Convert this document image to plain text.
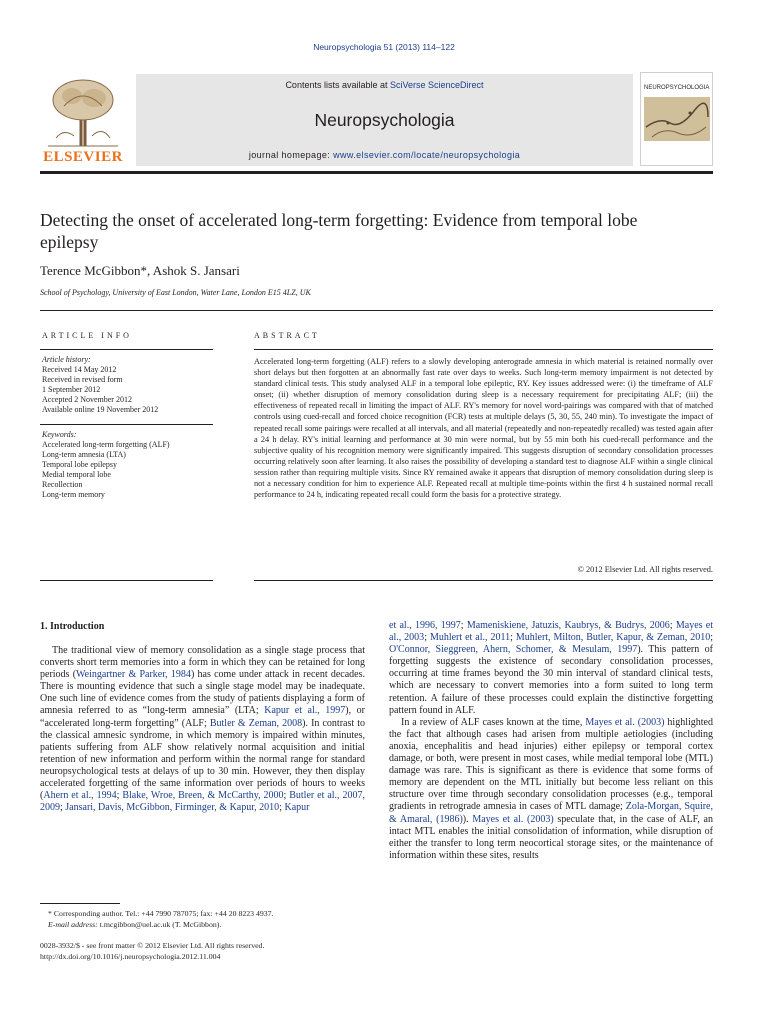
Neuropsychologia 51 (2013) 114–122
ELSEVIER
Contents lists available at SciVerse ScienceDirect
Neuropsychologia
journal homepage: www.elsevier.com/locate/neuropsychologia
NEUROPSYCHOLOGIA
Detecting the onset of accelerated long-term forgetting: Evidence from temporal lobe epilepsy
Terence McGibbon*, Ashok S. Jansari
School of Psychology, University of East London, Water Lane, London E15 4LZ, UK
ARTICLE INFO	ABSTRACT
Article history:
Received 14 May 2012
Received in revised form
1 September 2012
Accepted 2 November 2012
Available online 19 November 2012
Keywords:
Accelerated long-term forgetting (ALF)
Long-term amnesia (LTA)
Temporal lobe epilepsy
Medial temporal lobe
Recollection
Long-term memory
Accelerated long-term forgetting (ALF) refers to a slowly developing anterograde amnesia in which material is retained normally over short delays but then forgotten at an abnormally fast rate over days to weeks. Such long-term memory impairment is not detected by standard clinical tests. This study analysed ALF in a temporal lobe epileptic, RY. Key issues addressed were: (i) the timeframe of ALF onset; (ii) whether disruption of memory consolidation during sleep is a necessary requirement for precipitating ALF; (iii) the effectiveness of repeated recall in limiting the impact of ALF. RY's memory for novel word-pairings was compared with that of matched controls using cued-recall and forced choice recognition (FCR) tests at multiple delays (5, 30, 55, 240 min). To investigate the impact of repeated recall some pairings were recalled at all intervals, and all material (repeatedly and non-repeatedly recalled) was tested again after a 24 h delay. RY's initial learning and performance at 30 min were normal, but by 55 min both his cued-recall performance and the subjective quality of his recognition memory were significantly impaired. This suggests disruption of secondary consolidation processes occurring relatively soon after learning. It also raises the possibility of developing a standard test to diagnose ALF within a single clinical session rather than requiring multiple visits. Since RY remained awake it appears that disruption of memory consolidation during sleep is not a necessary condition for him to experience ALF. Repeated recall at multiple time-points within the first 4 h sustained normal recall performance to 24 h, indicating repeated recall could form the basis for a protective strategy.
© 2012 Elsevier Ltd. All rights reserved.
1. Introduction

The traditional view of memory consolidation as a single stage process that converts short term memories into a form in which they can be retained for long periods (Weingartner & Parker, 1984) has come under attack in recent decades. There is mounting evidence that such a single stage model may be inadequate. One such line of evidence comes from the study of patients displaying a form of amnesia referred to as “long-term amnesia” (LTA; Kapur et al., 1997), or “accelerated long-term forgetting” (ALF; Butler & Zeman, 2008). In contrast to the classical amnesic syndrome, in which memory is impaired within minutes, patients suffering from ALF show relatively normal acquisition and initial retention of new information and perform within the normal range for standard neuropsychological tests at delays of up to 30 min. However, they then display accelerated forgetting of the same information over periods of hours to weeks (Ahern et al., 1994; Blake, Wroe, Breen, & McCarthy, 2000; Butler et al., 2007, 2009; Jansari, Davis, McGibbon, Firminger, & Kapur, 2010; Kapur

et al., 1996, 1997; Mameniskiene, Jatuzis, Kaubrys, & Budrys, 2006; Mayes et al., 2003; Muhlert et al., 2011; Muhlert, Milton, Butler, Kapur, & Zeman, 2010; O'Connor, Sieggreen, Ahern, Schomer, & Mesulam, 1997). This pattern of forgetting suggests the existence of secondary consolidation processes, occurring at time frames beyond the 30 min interval of standard clinical tests, which are necessary to convert memories into a form suited to long term retention. A failure of these processes could explain the distinctive forgetting pattern found in ALF.

In a review of ALF cases known at the time, Mayes et al. (2003) highlighted the fact that although cases had arisen from multiple aetiologies (including anoxia, encephalitis and head injuries) either epilepsy or temporal cortex damage, or both, were present in most cases, while medial temporal lobe (MTL) damage was rare. This is significant as there is evidence that some forms of memory are dependent on the MTL initially but become less reliant on this structure over time through secondary consolidation processes (e.g., temporal gradients in retrograde amnesia in cases of MTL damage; Zola-Morgan, Squire, & Amaral, (1986)). Mayes et al. (2003) speculate that, in the case of ALF, an intact MTL enables the initial consolidation of information, while disruption of either the transfer to long term neocortical storage sites, or the maintenance of information within these sites, results

* Corresponding author. Tel.: +44 7990 787075; fax: +44 20 8223 4937.
E-mail address: t.mcgibbon@uel.ac.uk (T. McGibbon).
0028-3932/$ - see front matter © 2012 Elsevier Ltd. All rights reserved.
http://dx.doi.org/10.1016/j.neuropsychologia.2012.11.004
